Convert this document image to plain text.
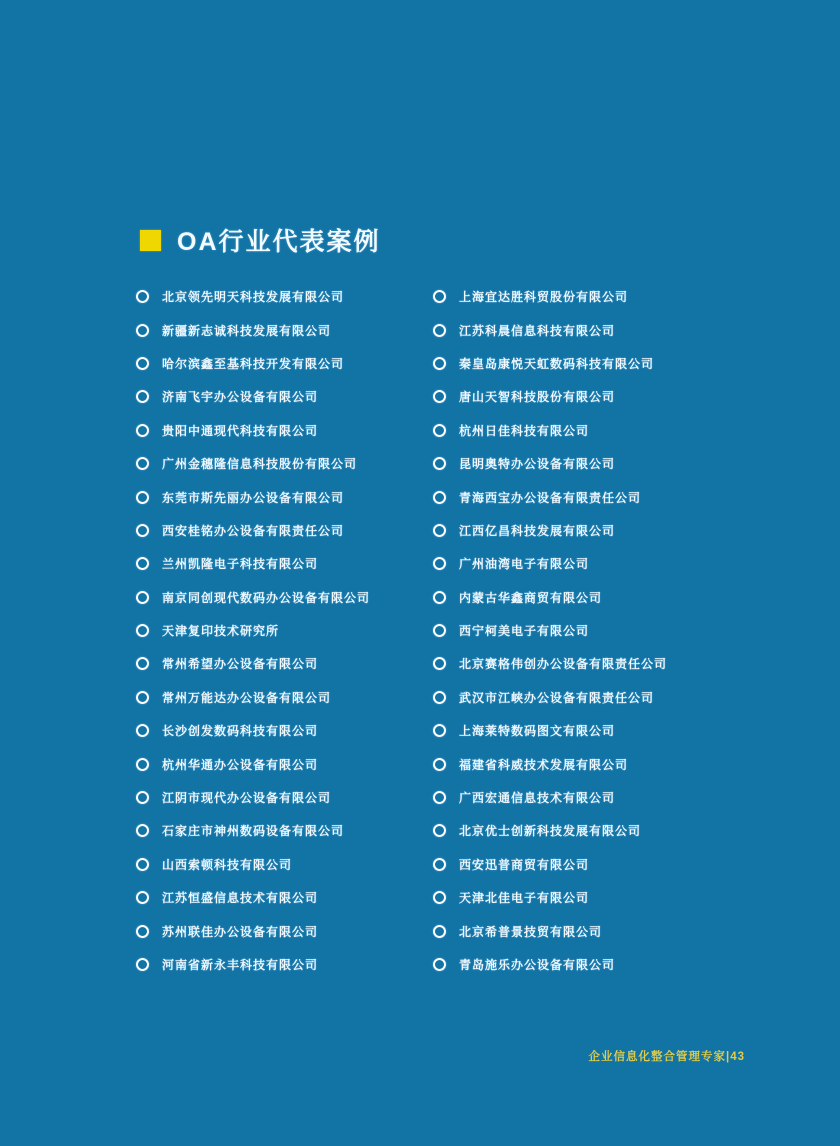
OA行业代表案例
北京领先明天科技发展有限公司
新疆新志诚科技发展有限公司
哈尔滨鑫至基科技开发有限公司
济南飞宇办公设备有限公司
贵阳中通现代科技有限公司
广州金穗隆信息科技股份有限公司
东莞市斯先丽办公设备有限公司
西安桂铭办公设备有限责任公司
兰州凯隆电子科技有限公司
南京同创现代数码办公设备有限公司
天津复印技术研究所
常州希望办公设备有限公司
常州万能达办公设备有限公司
长沙创发数码科技有限公司
杭州华通办公设备有限公司
江阴市现代办公设备有限公司
石家庄市神州数码设备有限公司
山西索顿科技有限公司
江苏恒盛信息技术有限公司
苏州联佳办公设备有限公司
河南省新永丰科技有限公司
上海宜达胜科贸股份有限公司
江苏科晨信息科技有限公司
秦皇岛康悦天虹数码科技有限公司
唐山天智科技股份有限公司
杭州日佳科技有限公司
昆明奥特办公设备有限公司
青海西宝办公设备有限责任公司
江西亿昌科技发展有限公司
广州油湾电子有限公司
内蒙古华鑫商贸有限公司
西宁柯美电子有限公司
北京赛格伟创办公设备有限责任公司
武汉市江峡办公设备有限责任公司
上海莱特数码图文有限公司
福建省科威技术发展有限公司
广西宏通信息技术有限公司
北京优士创新科技发展有限公司
西安迅普商贸有限公司
天津北佳电子有限公司
北京希普景技贸有限公司
青岛施乐办公设备有限公司
企业信息化整合管理专家|43
